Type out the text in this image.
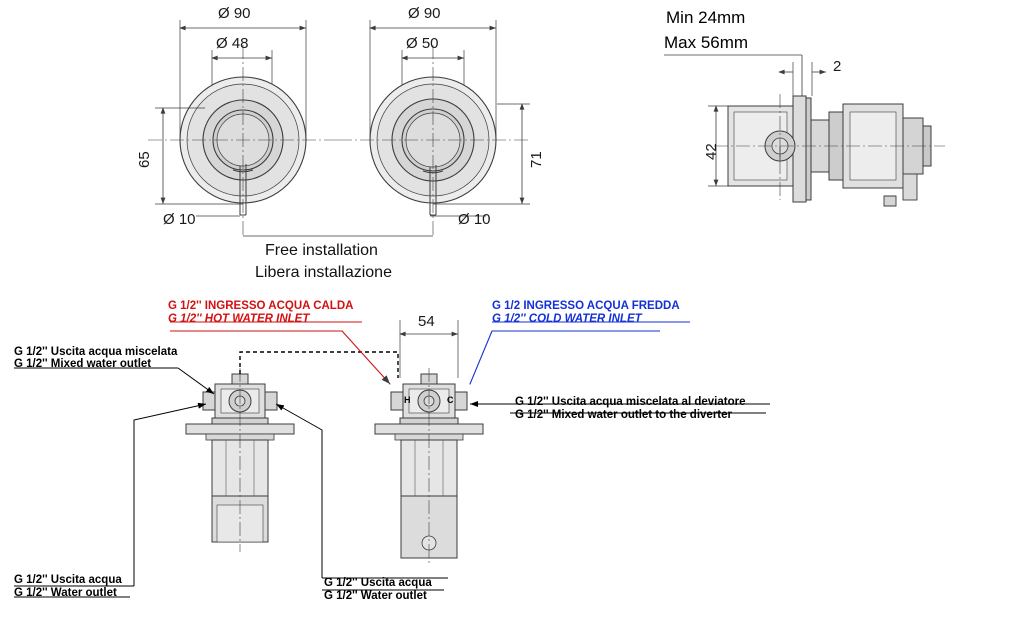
Ø 90
Ø 48
65
Ø 10
Ø 90
Ø 50
71
Ø 10
Free installation
Libera installazione
Min 24mm
Max 56mm
2
42
54
H	C
G 1/2'' INGRESSO ACQUA CALDA
G 1/2'' HOT WATER INLET
G 1/2 INGRESSO ACQUA FREDDA
G 1/2'' COLD WATER INLET
G 1/2'' Uscita acqua miscelata
G 1/2'' Mixed water outlet
G 1/2'' Uscita acqua miscelata al deviatore
G 1/2'' Mixed water outlet to the diverter
G 1/2'' Uscita acqua
G 1/2'' Water outlet
G 1/2'' Uscita acqua
G 1/2'' Water outlet
